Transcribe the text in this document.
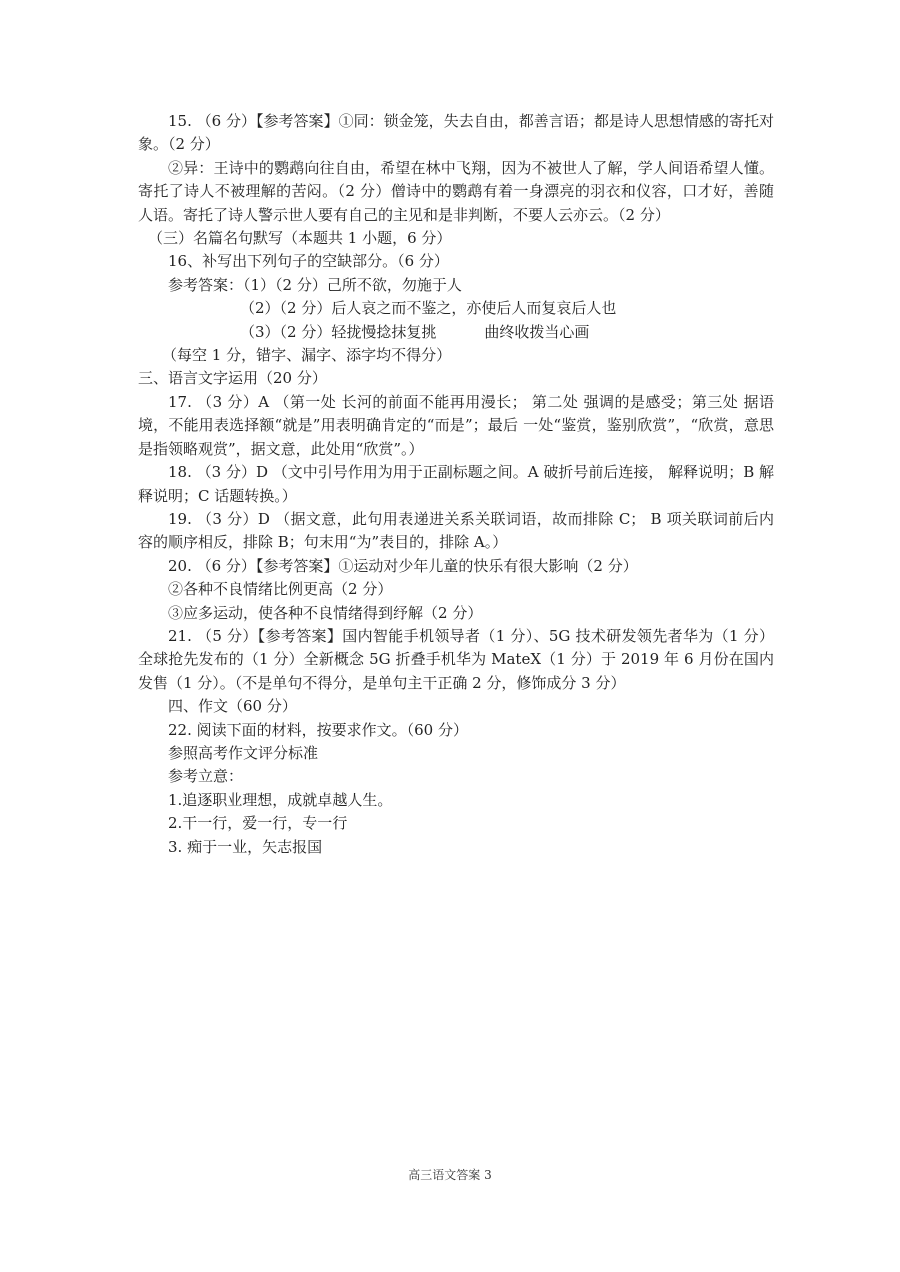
15. （6 分）【参考答案】①同：锁金笼，失去自由，都善言语；都是诗人思想情感的寄托对象。（2 分）

②异：王诗中的鹦鹉向往自由，希望在林中飞翔，因为不被世人了解，学人间语希望人懂。寄托了诗人不被理解的苦闷。（2 分）僧诗中的鹦鹉有着一身漂亮的羽衣和仪容，口才好，善随人语。寄托了诗人警示世人要有自己的主见和是非判断，不要人云亦云。（2 分）

（三）名篇名句默写（本题共 1 小题，6 分）

16、补写出下列句子的空缺部分。（6 分）

参考答案：（1）（2 分）己所不欲，勿施于人

（2）（2 分）后人哀之而不鉴之，亦使后人而复哀后人也

（3）（2 分）轻拢慢捻抹复挑	曲终收拨当心画

（每空 1 分，错字、漏字、添字均不得分）

三、语言文字运用（20 分）

17. （3 分）A （第一处 长河的前面不能再用漫长； 第二处 强调的是感受；第三处 据语境，不能用表选择额“就是”用表明确肯定的“而是”；最后 一处“鉴赏，鉴别欣赏”，“欣赏，意思是指领略观赏”，据文意，此处用“欣赏”。）

18. （3 分）D （文中引号作用为用于正副标题之间。A 破折号前后连接， 解释说明；B 解释说明；C 话题转换。）

19. （3 分）D （据文意，此句用表递进关系关联词语，故而排除 C； B 项关联词前后内容的顺序相反，排除 B；句末用“为”表目的，排除 A。）

20. （6 分）【参考答案】①运动对少年儿童的快乐有很大影响（2 分）

②各种不良情绪比例更高（2 分）

③应多运动，使各种不良情绪得到纾解（2 分）

21. （5 分）【参考答案】国内智能手机领导者（1 分）、5G 技术研发领先者华为（1 分）全球抢先发布的（1 分）全新概念 5G 折叠手机华为 MateX（1 分）于 2019 年 6 月份在国内发售（1 分）。（不是单句不得分，是单句主干正确 2 分，修饰成分 3 分）

四、作文（60 分）

22. 阅读下面的材料，按要求作文。（60 分）

参照高考作文评分标准

参考立意：

1.追逐职业理想，成就卓越人生。

2.干一行，爱一行，专一行

3. 痴于一业，矢志报国

高三语文答案 3
